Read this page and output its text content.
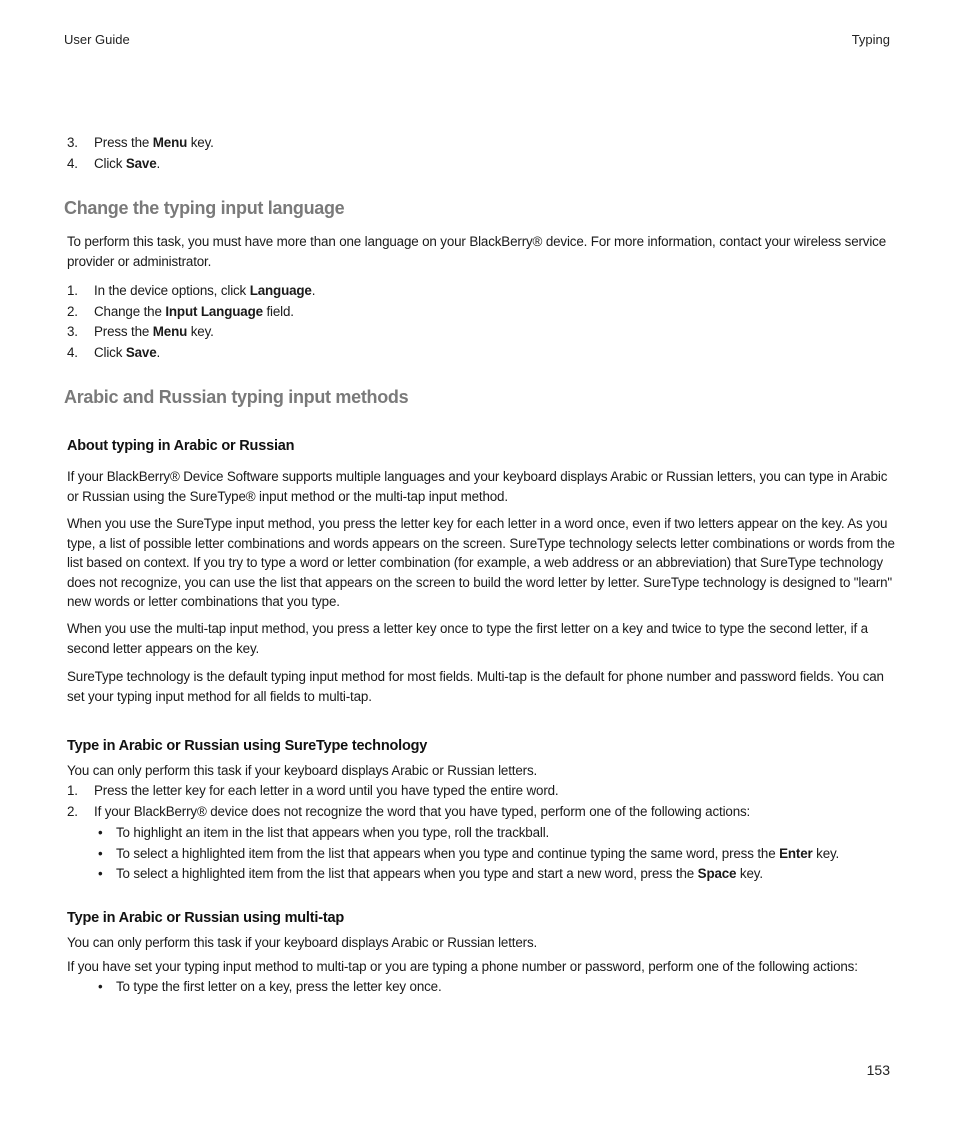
User Guide	Typing
3. Press the Menu key.
4. Click Save.
Change the typing input language

To perform this task, you must have more than one language on your BlackBerry® device. For more information, contact your wireless service provider or administrator.

1. In the device options, click Language.
2. Change the Input Language field.
3. Press the Menu key.
4. Click Save.
Arabic and Russian typing input methods
About typing in Arabic or Russian

If your BlackBerry® Device Software supports multiple languages and your keyboard displays Arabic or Russian letters, you can type in Arabic or Russian using the SureType® input method or the multi-tap input method.

When you use the SureType input method, you press the letter key for each letter in a word once, even if two letters appear on the key. As you type, a list of possible letter combinations and words appears on the screen. SureType technology selects letter combinations or words from the list based on context. If you try to type a word or letter combination (for example, a web address or an abbreviation) that SureType technology does not recognize, you can use the list that appears on the screen to build the word letter by letter. SureType technology is designed to "learn" new words or letter combinations that you type.

When you use the multi-tap input method, you press a letter key once to type the first letter on a key and twice to type the second letter, if a second letter appears on the key.

SureType technology is the default typing input method for most fields. Multi-tap is the default for phone number and password fields. You can set your typing input method for all fields to multi-tap.

Type in Arabic or Russian using SureType technology

You can only perform this task if your keyboard displays Arabic or Russian letters.

1. Press the letter key for each letter in a word until you have typed the entire word.
2. If your BlackBerry® device does not recognize the word that you have typed, perform one of the following actions:
• To highlight an item in the list that appears when you type, roll the trackball.
• To select a highlighted item from the list that appears when you type and continue typing the same word, press the Enter key.
• To select a highlighted item from the list that appears when you type and start a new word, press the Space key.
Type in Arabic or Russian using multi-tap

You can only perform this task if your keyboard displays Arabic or Russian letters.

If you have set your typing input method to multi-tap or you are typing a phone number or password, perform one of the following actions:

• To type the first letter on a key, press the letter key once.
153
